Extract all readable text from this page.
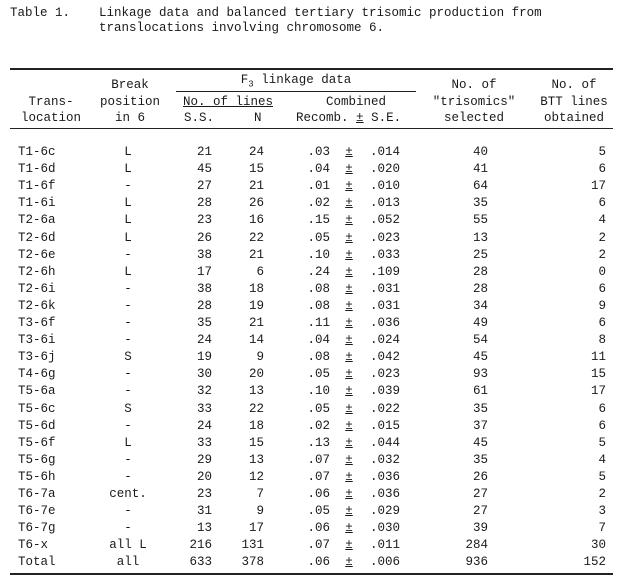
Table 1. Linkage data and balanced tertiary trisomic production from
translocations involving chromosome 6.
Trans-
location
Break
position
in 6
$F_3$ linkage data
No. of lines
S.S.	N
Combined
Recomb. ± S.E.
No. of
"trisomics"
selected
No. of
BTT lines
obtained
T1-6c	L	21	24	.03 ±	.014	40	5
T1-6d	L	45	15	.04 ±	.020	41	6
T1-6f	-	27	21	.01 ±	.010	64	17
T1-6i	L	28	26	.02 ±	.013	35	6
T2-6a	L	23	16	.15 ±	.052	55	4
T2-6d	L	26	22	.05 ±	.023	13	2
T2-6e	-	38	21	.10 ±	.033	25	2
T2-6h	L	17	6	.24 ±	.109	28	0
T2-6i	-	38	18	.08 ±	.031	28	6
T2-6k	-	28	19	.08 ±	.031	34	9
T3-6f	-	35	21	.11 ±	.036	49	6
T3-6i	-	24	14	.04 ±	.024	54	8
T3-6j	S	19	9	.08 ±	.042	45	11
T4-6g	-	30	20	.05 ±	.023	93	15
T5-6a	-	32	13	.10 ±	.039	61	17
T5-6c	S	33	22	.05 ±	.022	35	6
T5-6d	-	24	18	.02 ±	.015	37	6
T5-6f	L	33	15	.13 ±	.044	45	5
T5-6g	-	29	13	.07 ±	.032	35	4
T5-6h	-	20	12	.07 ±	.036	26	5
T6-7a	cent.	23	7	.06 ±	.036	27	2
T6-7e	-	31	9	.05 ±	.029	27	3
T6-7g	-	13	17	.06 ±	.030	39	7
T6-x	all L	216	131	.07 ±	.011	284	30
Total	all	633	378	.06 ±	.006	936	152
